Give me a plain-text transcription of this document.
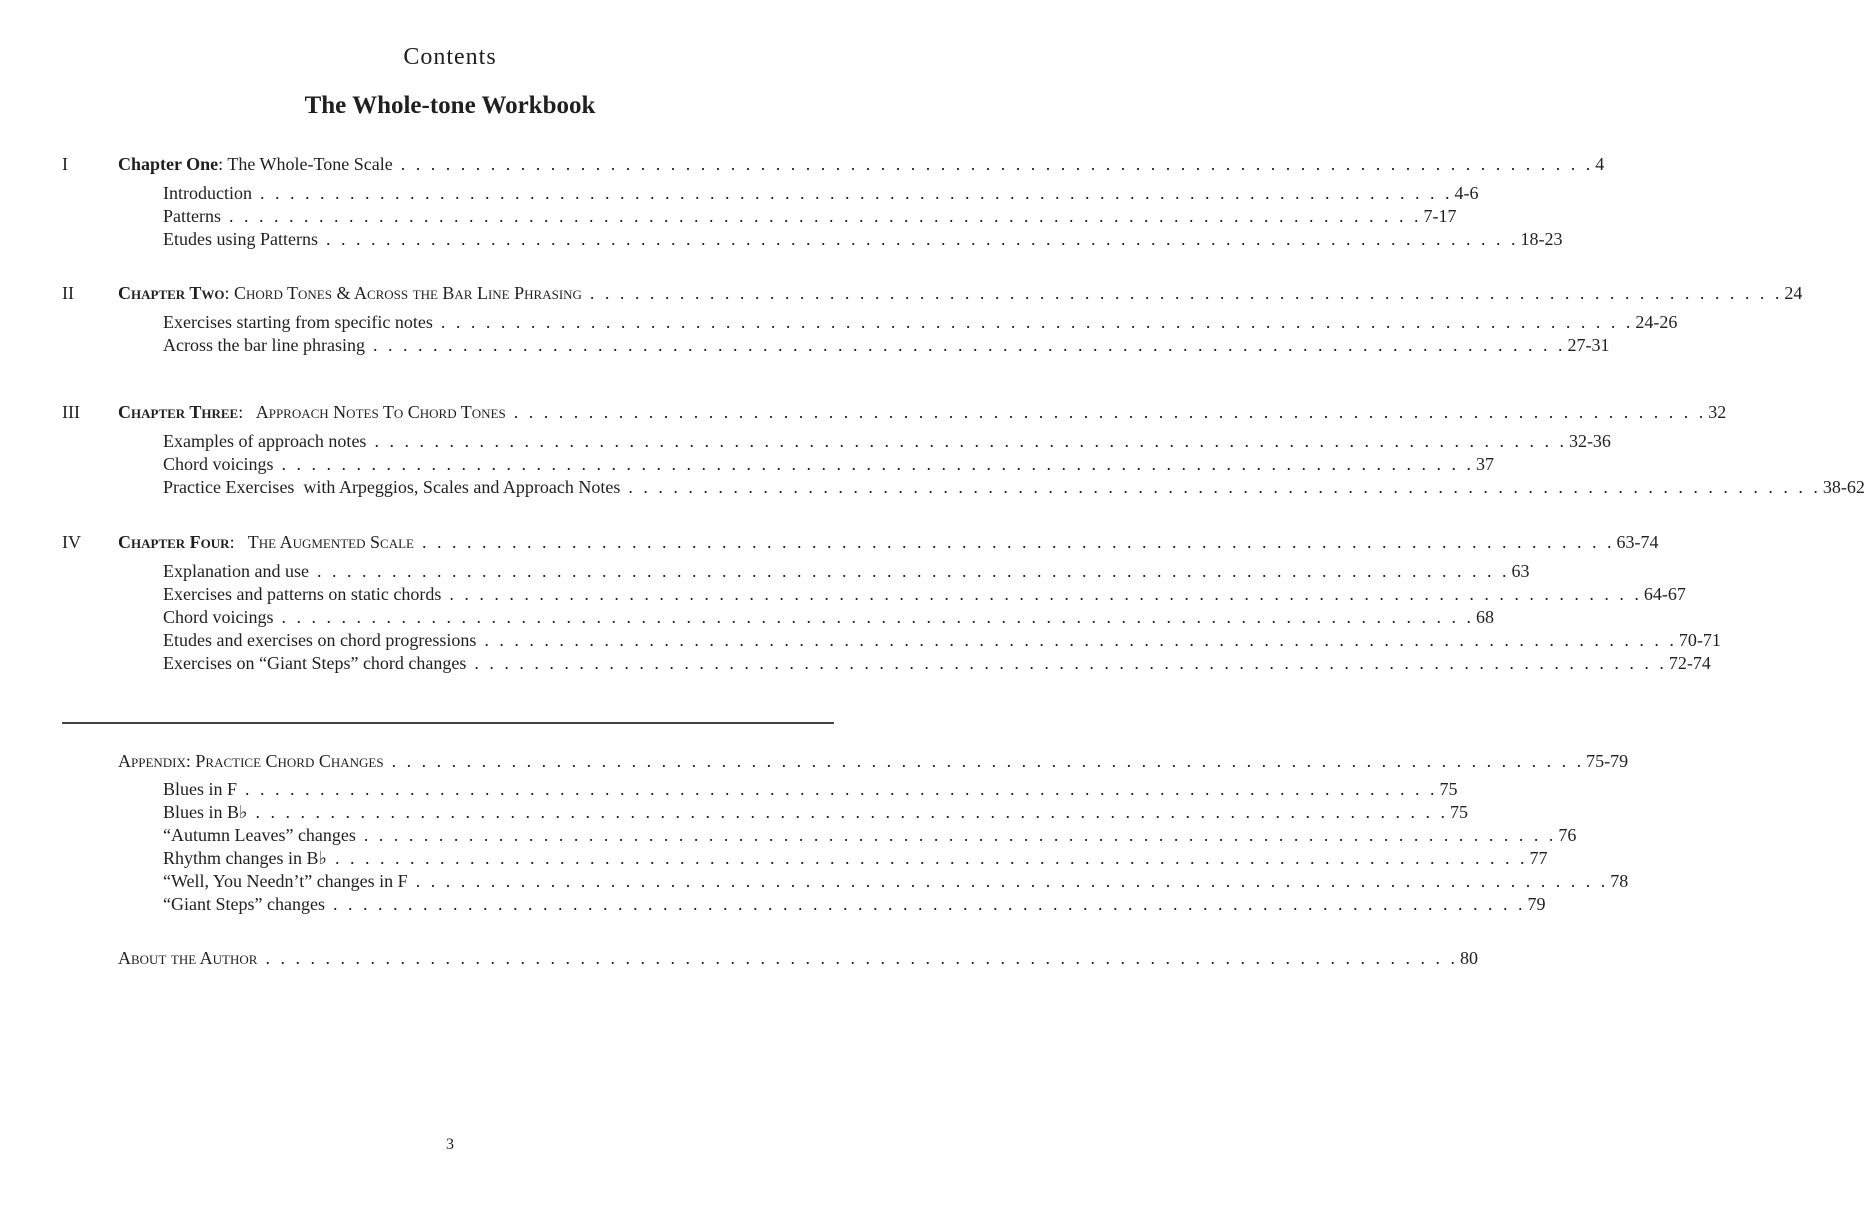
Contents
The Whole-tone Workbook
I	Chapter One: The Whole-Tone Scale . . . . . . . . . . . . . . . . . . . . . . . . . . . . . . . . . . . . . . . . . . . . . . . . . . . . . . . . . . . . . . . . . . . . . . . . . . . . . . . . 4
Introduction . . . . . . . . . . . . . . . . . . . . . . . . . . . . . . . . . . . . . . . . . . . . . . . . . . . . . . . . . . . . . . . . . . . . . . . . . . . . . . . . 4-6
Patterns . . . . . . . . . . . . . . . . . . . . . . . . . . . . . . . . . . . . . . . . . . . . . . . . . . . . . . . . . . . . . . . . . . . . . . . . . . . . . . . . 7-17
Etudes using Patterns . . . . . . . . . . . . . . . . . . . . . . . . . . . . . . . . . . . . . . . . . . . . . . . . . . . . . . . . . . . . . . . . . . . . . . . . . . . . . . . . 18-23
II Chapter Two: Chord Tones & Across the Bar Line Phrasing . . . . . . . . . . . . . . . . . . . . . . . . . . . . . . . . . . . . . . . . . . . . . . . . . . . . . . . . . . . . . . . . . . . . . . . . . . . . . . . . 24
Exercises starting from specific notes . . . . . . . . . . . . . . . . . . . . . . . . . . . . . . . . . . . . . . . . . . . . . . . . . . . . . . . . . . . . . . . . . . . . . . . . . . . . . . . . 24-26
Across the bar line phrasing . . . . . . . . . . . . . . . . . . . . . . . . . . . . . . . . . . . . . . . . . . . . . . . . . . . . . . . . . . . . . . . . . . . . . . . . . . . . . . . . 27-31
III Chapter Three:   Approach Notes To Chord Tones . . . . . . . . . . . . . . . . . . . . . . . . . . . . . . . . . . . . . . . . . . . . . . . . . . . . . . . . . . . . . . . . . . . . . . . . . . . . . . . . 32
Examples of approach notes . . . . . . . . . . . . . . . . . . . . . . . . . . . . . . . . . . . . . . . . . . . . . . . . . . . . . . . . . . . . . . . . . . . . . . . . . . . . . . . . 32-36
Chord voicings . . . . . . . . . . . . . . . . . . . . . . . . . . . . . . . . . . . . . . . . . . . . . . . . . . . . . . . . . . . . . . . . . . . . . . . . . . . . . . . . 37
Practice Exercises  with Arpeggios, Scales and Approach Notes . . . . . . . . . . . . . . . . . . . . . . . . . . . . . . . . . . . . . . . . . . . . . . . . . . . . . . . . . . . . . . . . . . . . . . . . . . . . . . . . 38-62
IV Chapter Four:   The Augmented Scale . . . . . . . . . . . . . . . . . . . . . . . . . . . . . . . . . . . . . . . . . . . . . . . . . . . . . . . . . . . . . . . . . . . . . . . . . . . . . . . . 63-74
Explanation and use . . . . . . . . . . . . . . . . . . . . . . . . . . . . . . . . . . . . . . . . . . . . . . . . . . . . . . . . . . . . . . . . . . . . . . . . . . . . . . . . 63
Exercises and patterns on static chords . . . . . . . . . . . . . . . . . . . . . . . . . . . . . . . . . . . . . . . . . . . . . . . . . . . . . . . . . . . . . . . . . . . . . . . . . . . . . . . . 64-67
Chord voicings . . . . . . . . . . . . . . . . . . . . . . . . . . . . . . . . . . . . . . . . . . . . . . . . . . . . . . . . . . . . . . . . . . . . . . . . . . . . . . . . 68
Etudes and exercises on chord progressions . . . . . . . . . . . . . . . . . . . . . . . . . . . . . . . . . . . . . . . . . . . . . . . . . . . . . . . . . . . . . . . . . . . . . . . . . . . . . . . . 70-71
Exercises on “Giant Steps” chord changes . . . . . . . . . . . . . . . . . . . . . . . . . . . . . . . . . . . . . . . . . . . . . . . . . . . . . . . . . . . . . . . . . . . . . . . . . . . . . . . . 72-74
Appendix: Practice Chord Changes . . . . . . . . . . . . . . . . . . . . . . . . . . . . . . . . . . . . . . . . . . . . . . . . . . . . . . . . . . . . . . . . . . . . . . . . . . . . . . . . 75-79
Blues in F . . . . . . . . . . . . . . . . . . . . . . . . . . . . . . . . . . . . . . . . . . . . . . . . . . . . . . . . . . . . . . . . . . . . . . . . . . . . . . . . 75
Blues in B♭ . . . . . . . . . . . . . . . . . . . . . . . . . . . . . . . . . . . . . . . . . . . . . . . . . . . . . . . . . . . . . . . . . . . . . . . . . . . . . . . . 75
“Autumn Leaves” changes . . . . . . . . . . . . . . . . . . . . . . . . . . . . . . . . . . . . . . . . . . . . . . . . . . . . . . . . . . . . . . . . . . . . . . . . . . . . . . . . 76
Rhythm changes in B♭ . . . . . . . . . . . . . . . . . . . . . . . . . . . . . . . . . . . . . . . . . . . . . . . . . . . . . . . . . . . . . . . . . . . . . . . . . . . . . . . . 77
“Well, You Needn’t” changes in F . . . . . . . . . . . . . . . . . . . . . . . . . . . . . . . . . . . . . . . . . . . . . . . . . . . . . . . . . . . . . . . . . . . . . . . . . . . . . . . . 78
“Giant Steps” changes . . . . . . . . . . . . . . . . . . . . . . . . . . . . . . . . . . . . . . . . . . . . . . . . . . . . . . . . . . . . . . . . . . . . . . . . . . . . . . . . 79
About the Author . . . . . . . . . . . . . . . . . . . . . . . . . . . . . . . . . . . . . . . . . . . . . . . . . . . . . . . . . . . . . . . . . . . . . . . . . . . . . . . . 80
3
